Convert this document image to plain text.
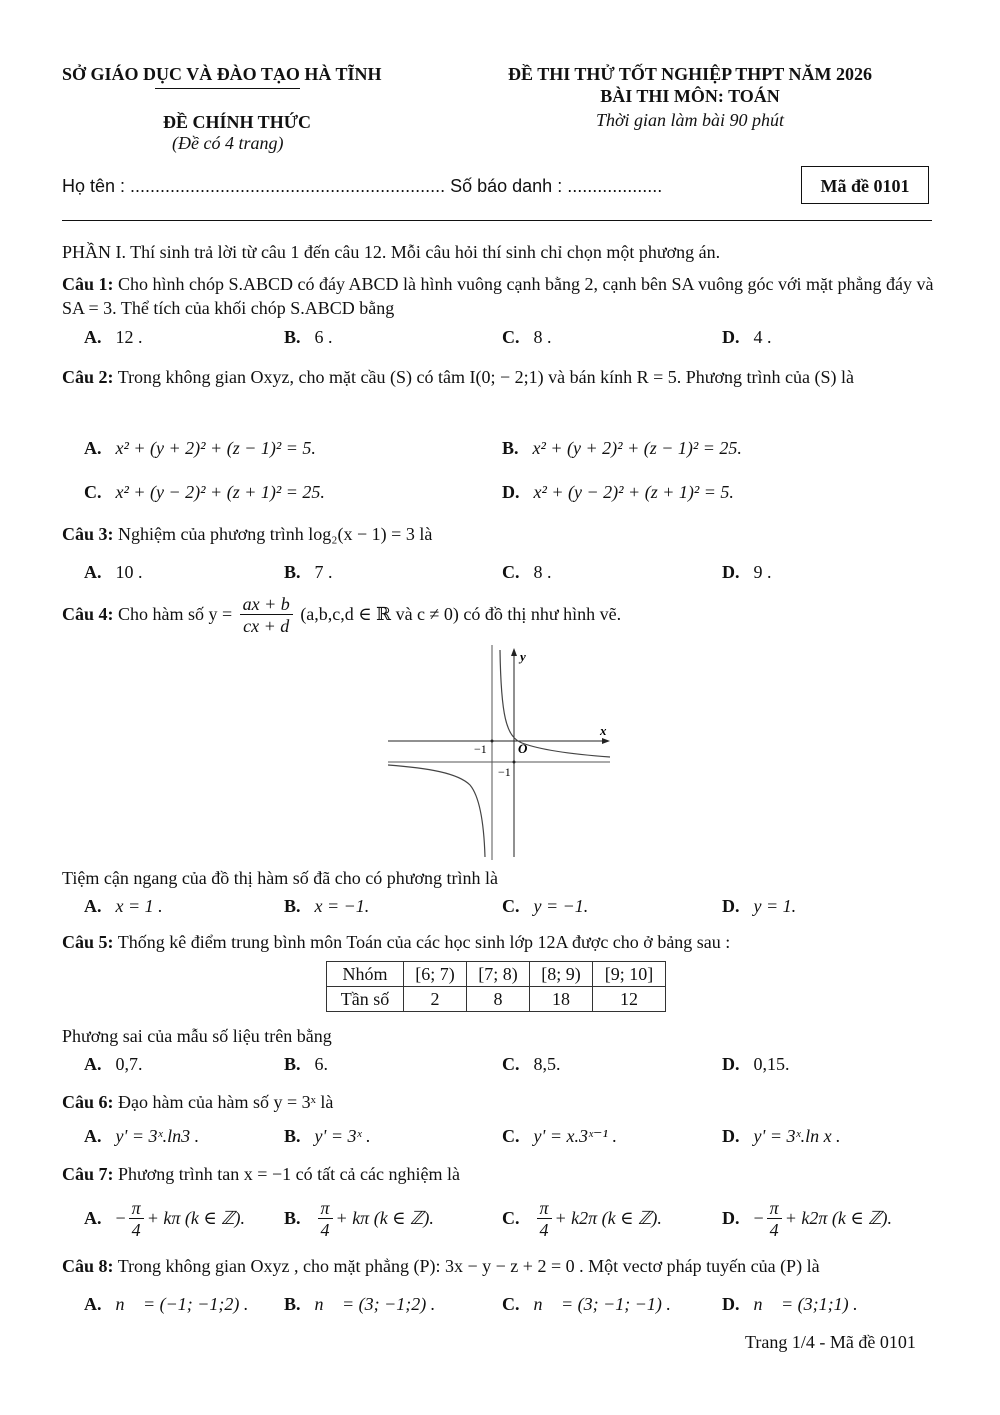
SỞ GIÁO DỤC VÀ ĐÀO TẠO HÀ TĨNH	ĐỀ THI THỬ TỐT NGHIỆP THPT NĂM 2026
BÀI THI MÔN: TOÁN
ĐỀ CHÍNH THỨC
(Đề có 4 trang)
Thời gian làm bài 90 phút
Họ tên : ............................................................... Số báo danh : ...................	Mã đề 0101
PHẦN I. Thí sinh trả lời từ câu 1 đến câu 12. Mỗi câu hỏi thí sinh chỉ chọn một phương án.
Câu 1: Cho hình chóp S.ABCD có đáy ABCD là hình vuông cạnh bằng 2, cạnh bên SA vuông góc với mặt phẳng đáy và SA = 3. Thể tích của khối chóp S.ABCD bằng
A. 12 .	B. 6 .	C. 8 .	D. 4 .
Câu 2: Trong không gian Oxyz, cho mặt cầu (S) có tâm I(0; − 2;1) và bán kính R = 5. Phương trình của (S) là
A. x² + (y + 2)² + (z − 1)² = 5.	B. x² + (y + 2)² + (z − 1)² = 25.
C. x² + (y − 2)² + (z + 1)² = 25.	D. x² + (y − 2)² + (z + 1)² = 5.
Câu 3: Nghiệm của phương trình log₂(x − 1) = 3 là
A. 10 .	B. 7 .	C. 8 .	D. 9 .
Câu 4: Cho hàm số $y = \frac{ax + b}{cx + d} (a,b,c,d$ ∈ ℝ và c ≠ 0) có đồ thị như hình vẽ.
y
x
O
−1
−1
Tiệm cận ngang của đồ thị hàm số đã cho có phương trình là
A. x = 1 .	B. x = −1.	C. y = −1.	D. y = 1.
Câu 5: Thống kê điểm trung bình môn Toán của các học sinh lớp 12A được cho ở bảng sau :
Nhóm	[6; 7)	[7; 8)	[8; 9)	[9; 10]
Tần số	2	8	18	12
Phương sai của mẫu số liệu trên bằng
A. 0,7.	B. 6.	C. 8,5.	D. 0,15.
Câu 6: Đạo hàm của hàm số y = 3ˣ là
A. y' = 3ˣ.ln3 .	B. y' = 3ˣ .	C. y' = x.3ˣ⁻¹ .	D. y' = 3ˣ.ln x .
Câu 7: Phương trình tan x = −1 có tất cả các nghiệm là
A. − $\frac{\pi}{4} + k\pi$ (k ∈ ℤ). B. $\frac{\pi}{4} + k\pi$ (k ∈ ℤ).	C. $\frac{\pi}{4} + k2\pi$ (k ∈ ℤ).	D. − $\frac{\pi}{4} + k2\pi$ (k ∈ ℤ).
Câu 8: Trong không gian Oxyz , cho mặt phẳng (P): 3x − y − z + 2 = 0 . Một vectơ pháp tuyến của (P) là
A. n⃗ = (−1; −1;2) . B. n⃗ = (3; −1;2) .	C. n⃗ = (3; −1; −1) .	D. n⃗ = (3;1;1) .
Trang 1/4 - Mã đề 0101
